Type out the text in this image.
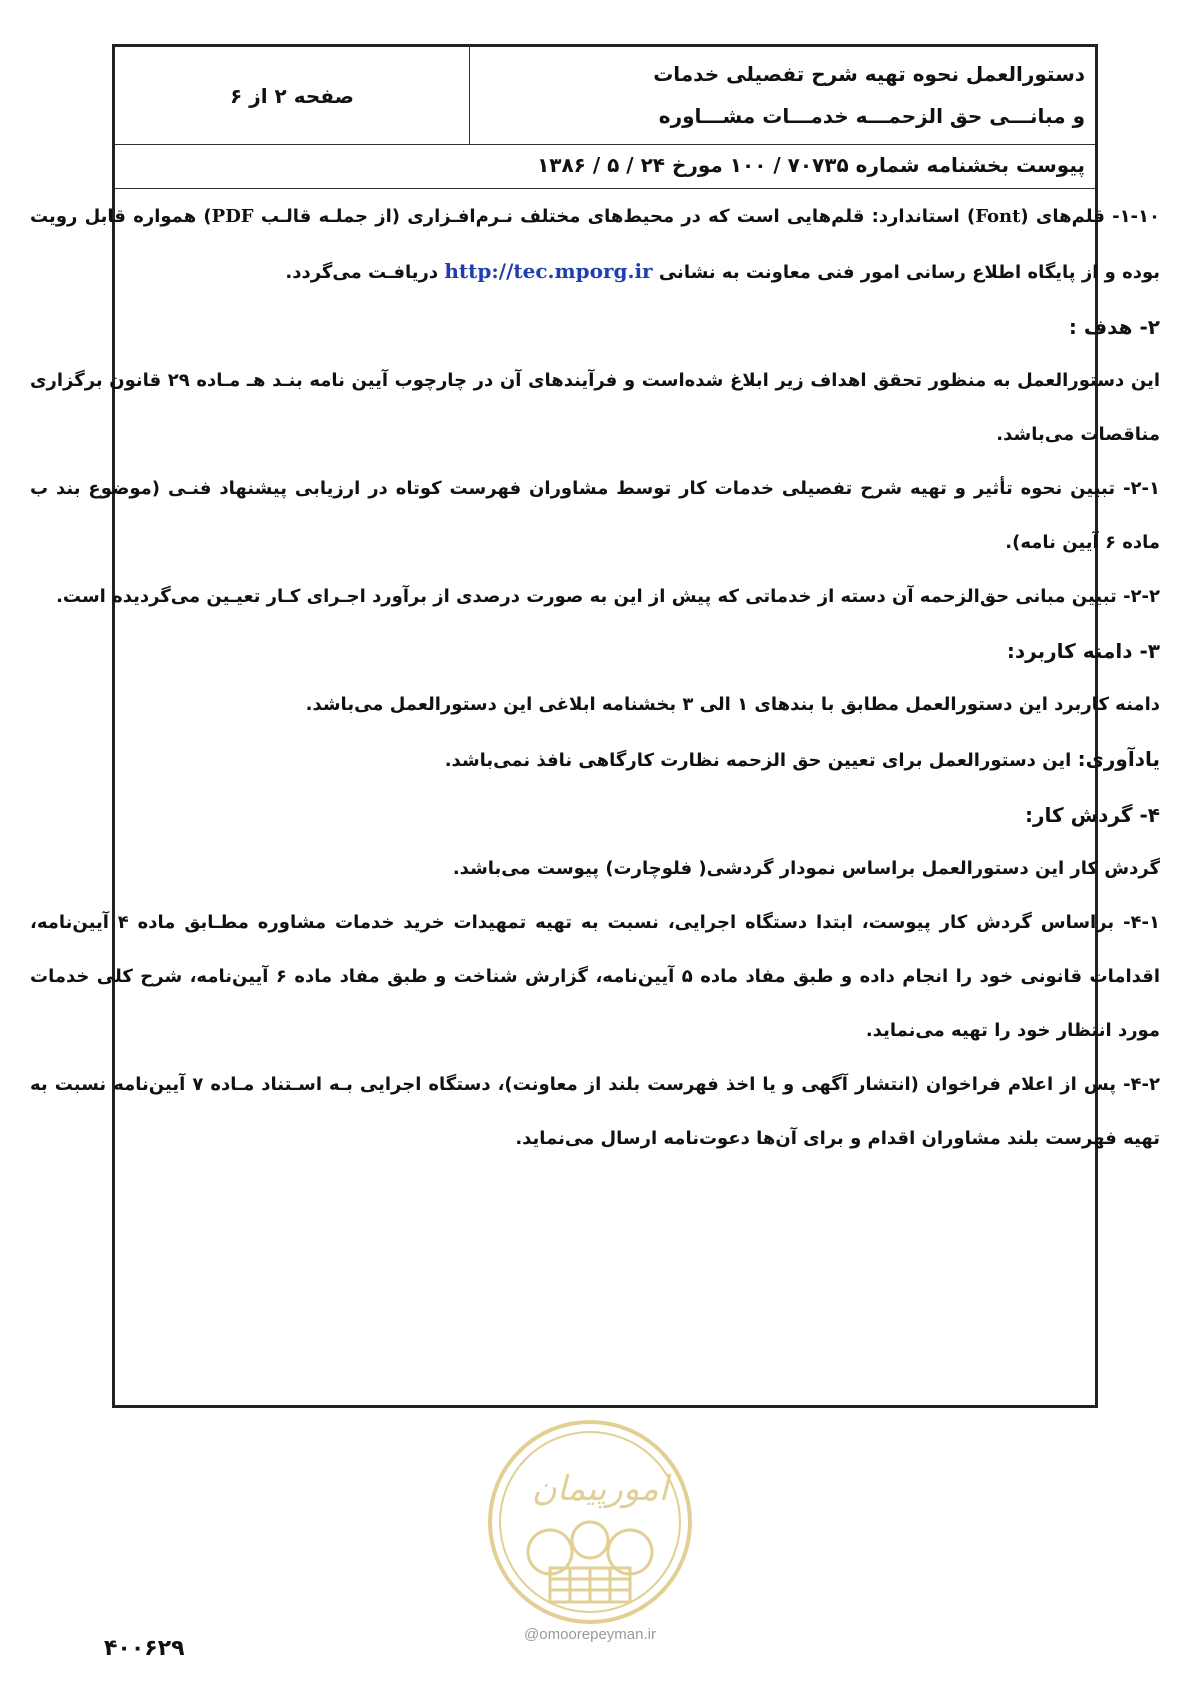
صفحه ۲ از ۶
دستورالعمل نحوه تهیه شرح تفصیلی خدمات
و مبانـــی حق الزحمـــه خدمـــات مشـــاوره
پیوست بخشنامه شماره ۷۰۷۳۵ / ۱۰۰ مورخ ۲۴ / ۵ / ۱۳۸۶

۱-۱۰- قلم‌های (Font) استاندارد: قلم‌هایی است که در محیط‌های مختلف نـرم‌افـزاری (از جملـه قالـب PDF) همواره قابل رویت بوده و از پایگاه اطلاع رسانی امور فنی معاونت به نشانی http://tec.mporg.ir دریافـت می‌گردد.

۲- هدف :

این دستورالعمل به منظور تحقق اهداف زیر ابلاغ شده‌است و فرآیندهای آن در چارچوب آیین نامه بنـد هـ مـاده ۲۹ قانون برگزاری مناقصات می‌باشد.

۲-۱- تبیین نحوه تأثیر و تهیه شرح تفصیلی خدمات کار توسط مشاوران فهرست کوتاه در ارزیابی پیشنهاد فنـی (موضوع بند ب ماده ۶ آیین نامه).

۲-۲- تبیین مبانی حق‌الزحمه آن دسته از خدماتی که پیش از این به صورت درصدی از برآورد اجـرای کـار تعیـین می‌گردیده است.

۳- دامنه کاربرد:

دامنه کاربرد این دستورالعمل مطابق با بندهای ۱ الی ۳ بخشنامه ابلاغی این دستورالعمل می‌باشد.

یادآوری: این دستورالعمل برای تعیین حق الزحمه نظارت کارگاهی نافذ نمی‌باشد.

۴- گردش کار:

گردش کار این دستورالعمل براساس نمودار گردشی( فلوچارت) پیوست می‌باشد.

۴-۱- براساس گردش کار پیوست، ابتدا دستگاه اجرایی، نسبت به تهیه تمهیدات خرید خدمات مشاوره مطـابق ماده ۴ آیین‌نامه، اقدامات قانونی خود را انجام داده و طبق مفاد ماده ۵ آیین‌نامه، گزارش شناخت و طبق مفاد ماده ۶ آیین‌نامه، شرح کلی خدمات مورد انتظار خود را تهیه می‌نماید.

۴-۲- پس از اعلام فراخوان (انتشار آگهی و یا اخذ فهرست بلند از معاونت)، دستگاه اجرایی بـه اسـتناد مـاده ۷ آیین‌نامه نسبت به تهیه فهرست بلند مشاوران اقدام و برای آن‌ها دعوت‌نامه ارسال می‌نماید.

امورپیمان
@omoorepeyman.ir
۴۰۰۶۲۹
